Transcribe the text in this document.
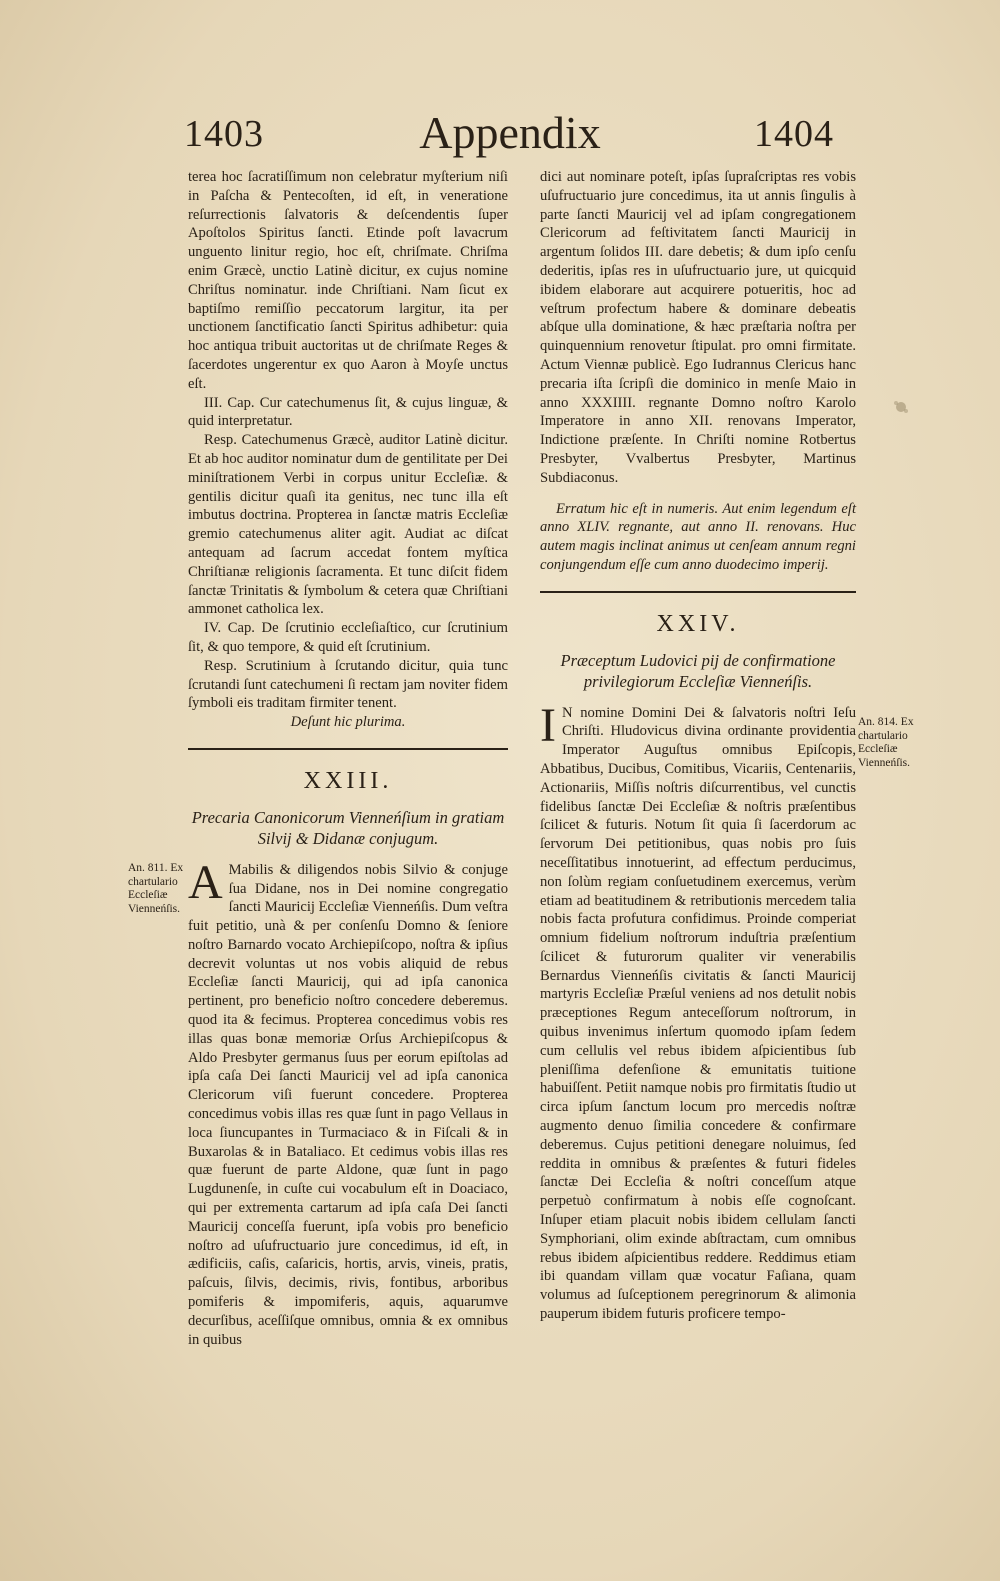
1403	Appendix	1404

terea hoc ſacratiſſimum non celebratur myſterium niſi in Paſcha & Pentecoſten, id eſt, in veneratione reſurrectionis ſalvatoris & deſcendentis ſuper Apoſtolos Spiritus ſancti. Etinde poſt lavacrum unguento linitur regio, hoc eſt, chriſmate. Chriſma enim Græcè, unctio Latinè dicitur, ex cujus nomine Chriſtus nominatur. inde Chriſtiani. Nam ſicut ex baptiſmo remiſſio peccatorum largitur, ita per unctionem ſanctificatio ſancti Spiritus adhibetur: quia hoc antiqua tribuit auctoritas ut de chriſmate Reges & ſacerdotes ungerentur ex quo Aaron à Moyſe unctus eſt.

III. Cap. Cur catechumenus ſit, & cujus linguæ, & quid interpretatur.

Resp. Catechumenus Græcè, auditor Latinè dicitur. Et ab hoc auditor nominatur dum de gentilitate per Dei miniſtrationem Verbi in corpus unitur Eccleſiæ. & gentilis dicitur quaſi ita genitus, nec tunc illa eſt imbutus doctrina. Propterea in ſanctæ matris Eccleſiæ gremio catechumenus aliter agit. Audiat ac diſcat antequam ad ſacrum accedat fontem myſtica Chriſtianæ religionis ſacramenta. Et tunc diſcit fidem ſanctæ Trinitatis & ſymbolum & cetera quæ Chriſtiani ammonet catholica lex.

IV. Cap. De ſcrutinio eccleſiaſtico, cur ſcrutinium ſit, & quo tempore, & quid eſt ſcrutinium.

Resp. Scrutinium à ſcrutando dicitur, quia tunc ſcrutandi ſunt catechumeni ſi rectam jam noviter fidem ſymboli eis traditam firmiter tenent.

Deſunt hic plurima.

XXIII.
Precaria Canonicorum Vienneńſium in gratiam Silvij & Didanæ conjugum.

A Mabilis & diligendos nobis Silvio & conjuge ſua Didane, nos in Dei nomine congregatio ſancti Mauricij Eccleſiæ Vienneńſis. Dum veſtra fuit petitio, unà & per conſenſu Domno & ſeniore noſtro Barnardo vocato Archiepiſcopo, noſtra & ipſius decrevit voluntas ut nos vobis aliquid de rebus Eccleſiæ ſancti Mauricij, qui ad ipſa canonica pertinent, pro beneficio noſtro concedere deberemus. quod ita & fecimus. Propterea concedimus vobis res illas quas bonæ memoriæ Orſus Archiepiſcopus & Aldo Presbyter germanus ſuus per eorum epiſtolas ad ipſa caſa Dei ſancti Mauricij vel ad ipſa canonica Clericorum viſi fuerunt concedere. Propterea concedimus vobis illas res quæ ſunt in pago Vellaus in loca ſiuncupantes in Turmaciaco & in Fiſcali & in Buxarolas & in Bataliaco. Et cedimus vobis illas res quæ fuerunt de parte Aldone, quæ ſunt in pago Lugdunenſe, in cuſte cui vocabulum eſt in Doaciaco, qui per extrementa cartarum ad ipſa caſa Dei ſancti Mauricij conceſſa fuerunt, ipſa vobis pro beneficio noſtro ad uſufructuario jure concedimus, id eſt, in ædificiis, caſis, caſaricis, hortis, arvis, vineis, pratis, paſcuis, ſilvis, decimis, rivis, fontibus, arboribus pomiferis & impomiferis, aquis, aquarumve decurſibus, aceſſiſque omnibus, omnia & ex omnibus in quibus

dici aut nominare poteſt, ipſas ſupraſcriptas res vobis uſufructuario jure concedimus, ita ut annis ſingulis à parte ſancti Mauricij vel ad ipſam congregationem Clericorum ad feſtivitatem ſancti Mauricij in argentum ſolidos III. dare debetis; & dum ipſo cenſu dederitis, ipſas res in uſufructuario jure, ut quicquid ibidem elaborare aut acquirere potueritis, hoc ad veſtrum profectum habere & dominare debeatis abſque ulla dominatione, & hæc præſtaria noſtra per quinquennium renovetur ſtipulat. pro omni firmitate. Actum Viennæ publicè. Ego Iudrannus Clericus hanc precaria iſta ſcripſi die dominico in menſe Maio in anno XXXIIII. regnante Domno noſtro Karolo Imperatore in anno XII. renovans Imperator, Indictione præſente. In Chriſti nomine Rotbertus Presbyter, Vvalbertus Presbyter, Martinus Subdiaconus.

Erratum hic eſt in numeris. Aut enim legendum eſt anno XLIV. regnante, aut anno II. renovans. Huc autem magis inclinat animus ut cenſeam annum regni conjungendum eſſe cum anno duodecimo imperij.

XXIV.
Præceptum Ludovici pij de confirmatione privilegiorum Eccleſiæ Vienneńſis.

I N nomine Domini Dei & ſalvatoris noſtri Ieſu Chriſti. Hludovicus divina ordinante providentia Imperator Auguſtus omnibus Epiſcopis, Abbatibus, Ducibus, Comitibus, Vicariis, Centenariis, Actionariis, Miſſis noſtris diſcurrentibus, vel cunctis fidelibus ſanctæ Dei Eccleſiæ & noſtris præſentibus ſcilicet & futuris. Notum ſit quia ſi ſacerdorum ac ſervorum Dei petitionibus, quas nobis pro ſuis neceſſitatibus innotuerint, ad effectum perducimus, non ſolùm regiam conſuetudinem exercemus, verùm etiam ad beatitudinem & retributionis mercedem talia nobis facta profutura confidimus. Proinde comperiat omnium fidelium noſtrorum induſtria præſentium ſcilicet & futurorum qualiter vir venerabilis Bernardus Vienneńſis civitatis & ſancti Mauricij martyris Eccleſiæ Præſul veniens ad nos detulit nobis præceptiones Regum anteceſſorum noſtrorum, in quibus invenimus inſertum quomodo ipſam ſedem cum cellulis vel rebus ibidem aſpicientibus ſub pleniſſima defenſione & emunitatis tuitione habuiſſent. Petiit namque nobis pro firmitatis ſtudio ut circa ipſum ſanctum locum pro mercedis noſtræ augmento denuo ſimilia concedere & confirmare deberemus. Cujus petitioni denegare noluimus, ſed reddita in omnibus & præſentes & futuri fideles ſanctæ Dei Eccleſia & noſtri conceſſum atque perpetuò confirmatum à nobis eſſe cognoſcant. Inſuper etiam placuit nobis ibidem cellulam ſancti Symphoriani, olim exinde abſtractam, cum omnibus rebus ibidem aſpicientibus reddere. Reddimus etiam ibi quandam villam quæ vocatur Faſiana, quam volumus ad ſuſceptionem peregrinorum & alimonia pauperum ibidem futuris proficere tempo-

An. 811. Ex chartulario Eccleſiæ Vienneńſis.
An. 814. Ex chartulario Eccleſiæ Vienneńſis.
